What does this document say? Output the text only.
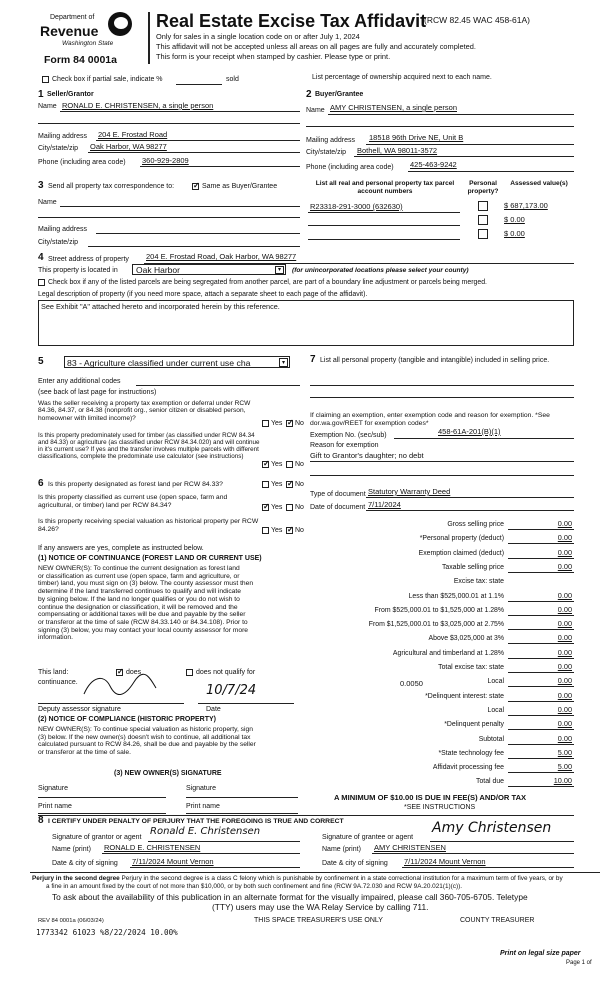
Department of
Revenue
Washington State
Form 84 0001a
Real Estate Excise Tax Affidavit
(RCW 82.45 WAC 458-61A)
Only for sales in a single location code on or after July 1, 2024
This affidavit will not be accepted unless all areas on all pages are fully and accurately completed.
This form is your receipt when stamped by cashier. Please type or print.
Check box if partial sale, indicate %	sold	List percentage of ownership acquired next to each name.
1 Seller/Grantor
Name RONALD E. CHRISTENSEN, a single person
Mailing address 204 E. Frostad Road
City/state/zip Oak Harbor, WA 98277
Phone (including area code) 360-929-2809
2 Buyer/Grantee
Name AMY CHRISTENSEN, a single person
Mailing address 18518 96th Drive NE, Unit B
City/state/zip Bothell, WA 98011-3572
Phone (including area code) 425-463-9242
3 Send all property tax correspondence to: ✓	Same as Buyer/Grantee
Name
Mailing address
City/state/zip
List all real and personal property tax parcel account numbers
Personal property?
Assessed value(s)
R23318-291-3000 (632630)	$ 687,173.00
$ 0.00
$ 0.00
4 Street address of property 204 E. Frostad Road, Oak Harbor, WA 98277
This property is located in Oak Harbor	▾	(for unincorporated locations please select your county)
Check box if any of the listed parcels are being segregated from another parcel, are part of a boundary line adjustment or parcels being merged.
Legal description of property (if you need more space, attach a separate sheet to each page of the affidavit).
See Exhibit "A" attached hereto and incorporated herein by this reference.
5	83 - Agriculture classified under current use cha	▾
Enter any additional codes
(see back of last page for instructions)
Was the seller receiving a property tax exemption or deferral under RCW 84.36, 84.37, or 84.38 (nonprofit org., senior citizen or disabled person, homeowner with limited income)?
Yes ✓ No
Is this property predominately used for timber (as classified under RCW 84.34 and 84.33) or agriculture (as classified under RCW 84.34.020) and will continue in it's current use? If yes and the transfer involves multiple parcels with different classifications, complete the predominate use calculator (see instructions)
✓
Yes No
6 Is this property designated as forest land per RCW 84.33?	Yes ✓ No
Is this property classified as current use (open space, farm and agricultural, or timber) land per RCW 84.34? ✓	Yes No
Is this property receiving special valuation as historical property per RCW 84.26?	Yes ✓ No
If any answers are yes, complete as instructed below.
(1) NOTICE OF CONTINUANCE (FOREST LAND OR CURRENT USE)
NEW OWNER(S): To continue the current designation as forest land
or classification as current use (open space, farm and agriculture, or
timber) land, you must sign on (3) below. The county assessor must then
determine if the land transferred continues to qualify and will indicate
by signing below. If the land no longer qualifies or you do not wish to
continue the designation or classification, it will be removed and the
compensating or additional taxes will be due and payable by the seller
or transferor at the time of sale (RCW 84.33.140 or 84.34.108). Prior to
signing (3) below, you may contact your local county assessor for more
information.
This land: ✓	does	does not qualify for
continuance.
10/7/24
Deputy assessor signature	Date
(2) NOTICE OF COMPLIANCE (HISTORIC PROPERTY)
NEW OWNER(S): To continue special valuation as historic property, sign
(3) below. If the new owner(s) doesn't wish to continue, all additional tax
calculated pursuant to RCW 84.26, shall be due and payable by the seller
or transferor at the time of sale.
(3) NEW OWNER(S) SIGNATURE
Signature	Signature
Print name	Print name
7 List all personal property (tangible and intangible) included in selling price.
If claiming an exemption, enter exemption code and reason for exemption. *See dor.wa.gov/REET for exemption codes*
Exemption No. (sec/sub)	458-61A-201(B)(1)
Reason for exemption
Gift to Grantor's daughter; no debt
Type of document Statutory Warranty Deed
Date of document 7/11/2024
Gross selling price	0.00
*Personal property (deduct)	0.00
Exemption claimed (deduct)	0.00
Taxable selling price	0.00
Excise tax: state
Less than $525,000.01 at 1.1%	0.00
From $525,000.01 to $1,525,000 at 1.28%	0.00
From $1,525,000.01 to $3,025,000 at 2.75%	0.00
Above $3,025,000 at 3%	0.00
Agricultural and timberland at 1.28%	0.00
Total excise tax: state	0.00
Local	0.00
*Delinquent interest: state	0.00
Local	0.00
*Delinquent penalty	0.00
Subtotal	0.00
*State technology fee	5.00
Affidavit processing fee	5.00
Total due	10.00
0.0050
A MINIMUM OF $10.00 IS DUE IN FEE(S) AND/OR TAX
*SEE INSTRUCTIONS
8 I CERTIFY UNDER PENALTY OF PERJURY THAT THE FOREGOING IS TRUE AND CORRECT
Signature of grantor or agent
Ronald E. Christensen
Name (print) RONALD E. CHRISTENSEN
Date & city of signing 7/11/2024 Mount Vernon
Signature of grantee or agent
Amy Christensen
Name (print) AMY CHRISTENSEN
Date & city of signing 7/11/2024 Mount Vernon
Perjury in the second degree Perjury in the second degree is a class C felony which is punishable by confinement in a state correctional institution for a maximum term of five years, or by
a fine in an amount fixed by the court of not more than $10,000, or by both such confinement and fine (RCW 9A.72.030 and RCW 9A.20.021(1)(c)).
To ask about the availability of this publication in an alternate format for the visually impaired, please call 360-705-6705. Teletype
(TTY) users may use the WA Relay Service by calling 711.
REV 84 0001a (06/03/24)	THIS SPACE TREASURER'S USE ONLY	COUNTY TREASURER
1773342 61023 %8/22/2024 10.00%
Print on legal size paper
Page 1 of
